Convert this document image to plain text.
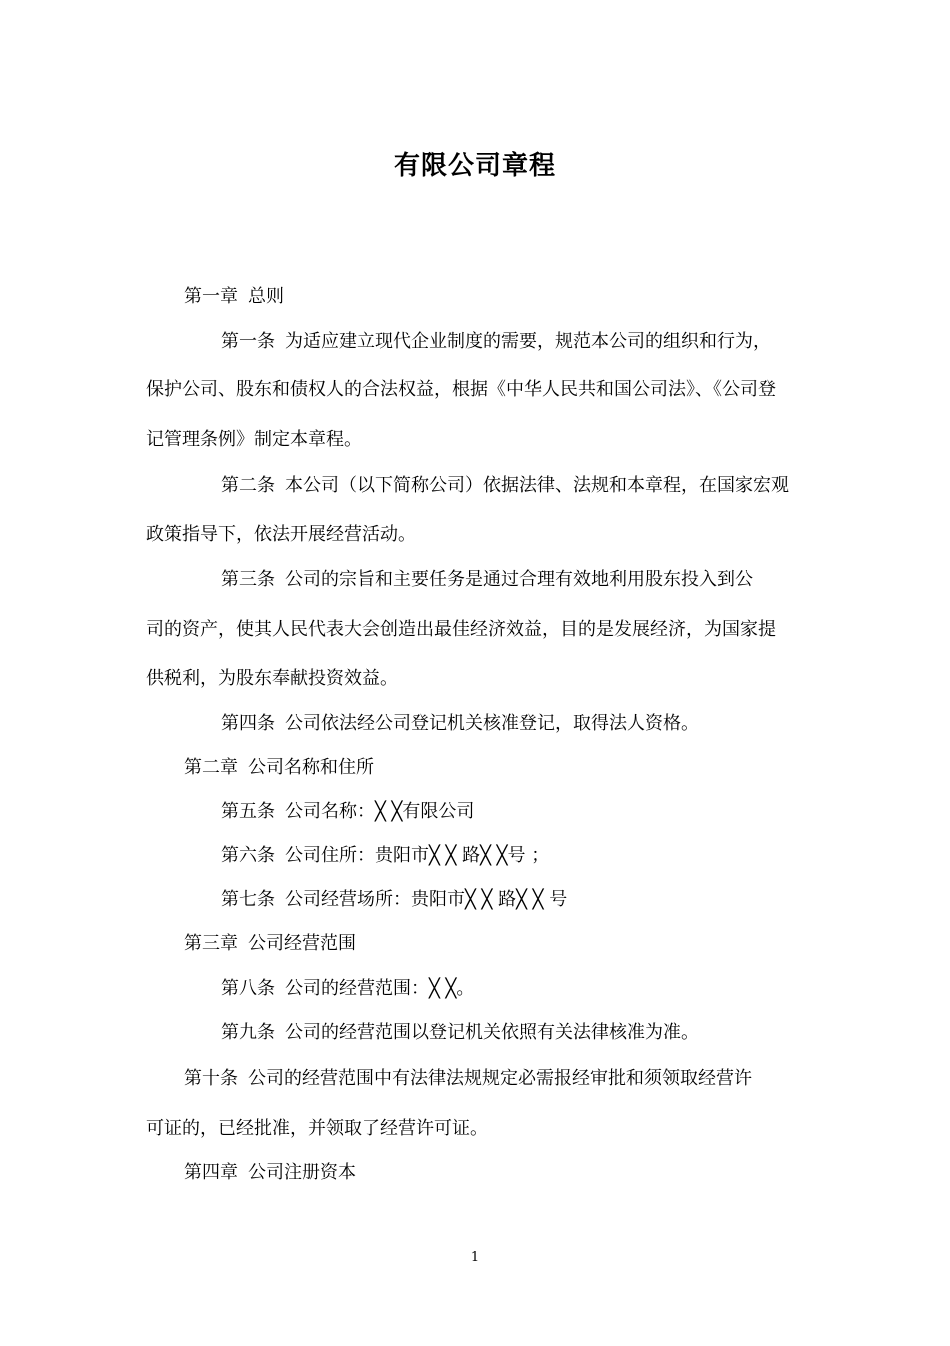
有限公司章程
第一章 总则
第一条 为适应建立现代企业制度的需要，规范本公司的组织和行为，
保护公司、股东和债权人的合法权益，根据《中华人民共和国公司法》、《公司登
记管理条例》制定本章程。
第二条 本公司（以下简称公司）依据法律、法规和本章程，在国家宏观
政策指导下，依法开展经营活动。
第三条 公司的宗旨和主要任务是通过合理有效地利用股东投入到公
司的资产，使其人民代表大会创造出最佳经济效益，目的是发展经济，为国家提
供税利，为股东奉献投资效益。
第四条 公司依法经公司登记机关核准登记，取得法人资格。
第二章 公司名称和住所
第五条 公司名称：╳ ╳有限公司
第六条 公司住所：贵阳市╳ ╳ 路╳ ╳号 ；
第七条 公司经营场所：贵阳市╳ ╳ 路╳ ╳ 号
第三章 公司经营范围
第八条 公司的经营范围：╳ ╳。
第九条 公司的经营范围以登记机关依照有关法律核准为准。
第十条 公司的经营范围中有法律法规规定必需报经审批和须领取经营许
可证的，已经批准，并领取了经营许可证。
第四章 公司注册资本
1
